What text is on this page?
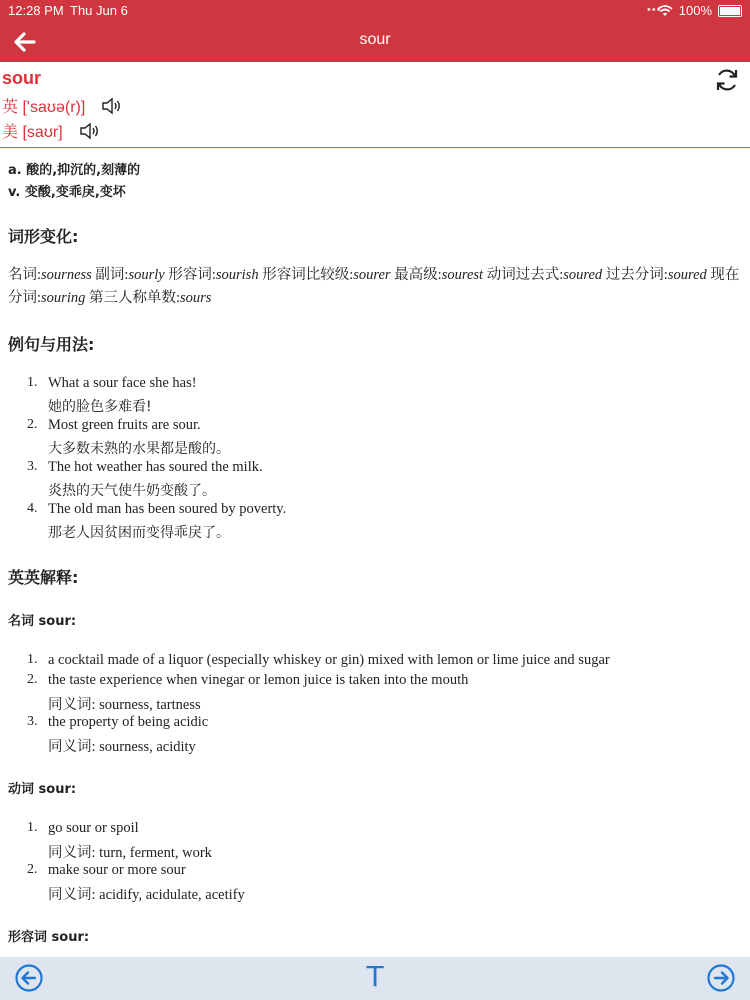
12:28 PM Thu Jun 6	••• 100%
sour
sour
英 ['saʊə(r)]
美 [saʊr]
a. 酸的,抑沉的,刻薄的
v. 变酸,变乖戾,变坏
词形变化:
名词:sourness 副词:sourly 形容词:sourish 形容词比较级:sourer 最高级:sourest 动词过去式:soured 过去分词:soured 现在分词:souring 第三人称单数:sours
例句与用法:
1. What a sour face she has!
她的脸色多难看!
2. Most green fruits are sour.
大多数未熟的水果都是酸的。
3. The hot weather has soured the milk.
炎热的天气使牛奶变酸了。
4. The old man has been soured by poverty.
那老人因贫困而变得乖戾了。
英英解释:
名词 sour:
1. a cocktail made of a liquor (especially whiskey or gin) mixed with lemon or lime juice and sugar
2. the taste experience when vinegar or lemon juice is taken into the mouth
同义词: sourness, tartness
3. the property of being acidic
同义词: sourness, acidity
动词 sour:
1. go sour or spoil
同义词: turn, ferment, work
2. make sour or more sour
同义词: acidify, acidulate, acetify
形容词 sour:
T
